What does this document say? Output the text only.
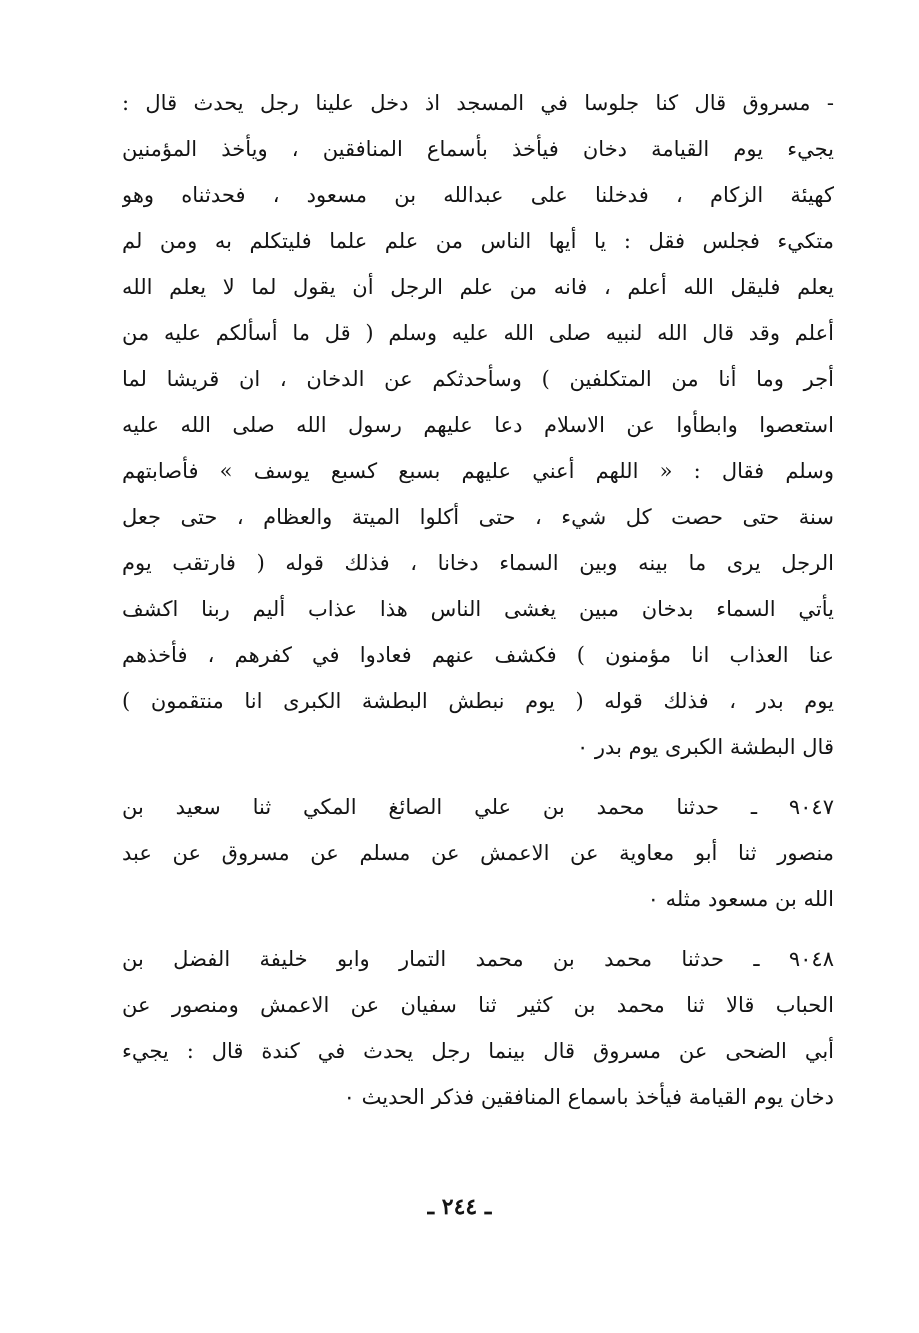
- مسروق قال كنا جلوسا في المسجد اذ دخل علينا رجل يحدث قال :
يجيء يوم القيامة دخان فيأخذ بأسماع المنافقين ، ويأخذ المؤمنين
كهيئة الزكام ، فدخلنا على عبدالله بن مسعود ، فحدثناه وهو
متكيء فجلس فقل : يا أيها الناس من علم علما فليتكلم به ومن لم
يعلم فليقل الله أعلم ، فانه من علم الرجل أن يقول لما لا يعلم الله
أعلم وقد قال الله لنبيه صلى الله عليه وسلم ( قل ما أسألكم عليه من
أجر وما أنا من المتكلفين ) وسأحدثكم عن الدخان ، ان قريشا لما
استعصوا وابطأوا عن الاسلام دعا عليهم رسول الله صلى الله عليه
وسلم فقال : « اللهم أعني عليهم بسبع كسبع يوسف » فأصابتهم
سنة حتى حصت كل شيء ، حتى أكلوا الميتة والعظام ، حتى جعل
الرجل يرى ما بينه وبين السماء دخانا ، فذلك قوله ( فارتقب يوم
يأتي السماء بدخان مبين يغشى الناس هذا عذاب أليم ربنا اكشف
عنا العذاب انا مؤمنون ) فكشف عنهم فعادوا في كفرهم ، فأخذهم
يوم بدر ، فذلك قوله ( يوم نبطش البطشة الكبرى انا منتقمون )
قال البطشة الكبرى يوم بدر ٠
٩٠٤٧ ـ حدثنا محمد بن علي الصائغ المكي ثنا سعيد بن
منصور ثنا أبو معاوية عن الاعمش عن مسلم عن مسروق عن عبد
الله بن مسعود مثله ٠
٩٠٤٨ ـ حدثنا محمد بن محمد التمار وابو خليفة الفضل بن
الحباب قالا ثنا محمد بن كثير ثنا سفيان عن الاعمش ومنصور عن
أبي الضحى عن مسروق قال بينما رجل يحدث في كندة قال : يجيء
دخان يوم القيامة فيأخذ باسماع المنافقين فذكر الحديث ٠
ـ ٢٤٤ ـ
